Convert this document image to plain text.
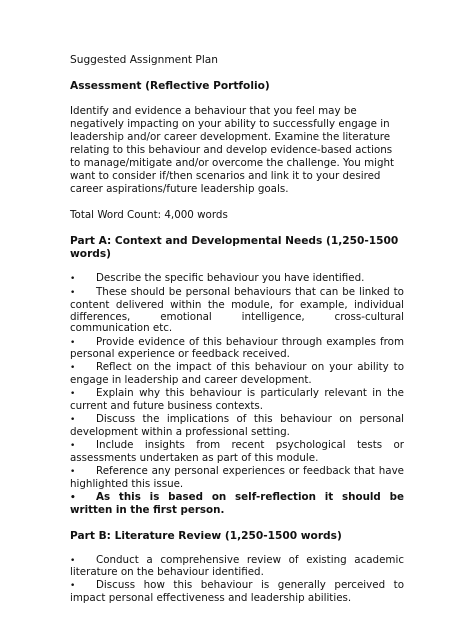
Suggested Assignment Plan
Assessment (Reflective Portfolio)
Identify and evidence a behaviour that you feel may be negatively impacting on your ability to successfully engage in leadership and/or career development. Examine the literature relating to this behaviour and develop evidence-based actions to manage/mitigate and/or overcome the challenge. You might want to consider if/then scenarios and link it to your desired career aspirations/future leadership goals.
Total Word Count: 4,000 words
Part A: Context and Developmental Needs (1,250-1500 words)
• Describe the specific behaviour you have identified.
• These should be personal behaviours that can be linked to content delivered within the module, for example, individual differences, emotional intelligence, cross-cultural communication etc.
• Provide evidence of this behaviour through examples from personal experience or feedback received.
• Reflect on the impact of this behaviour on your ability to engage in leadership and career development.
• Explain why this behaviour is particularly relevant in the current and future business contexts.
• Discuss the implications of this behaviour on personal development within a professional setting.
• Include insights from recent psychological tests or assessments undertaken as part of this module.
• Reference any personal experiences or feedback that have highlighted this issue.
• As this is based on self-reflection it should be written in the first person.
Part B: Literature Review (1,250-1500 words)
• Conduct a comprehensive review of existing academic literature on the behaviour identified.
• Discuss how this behaviour is generally perceived to impact personal effectiveness and leadership abilities.
